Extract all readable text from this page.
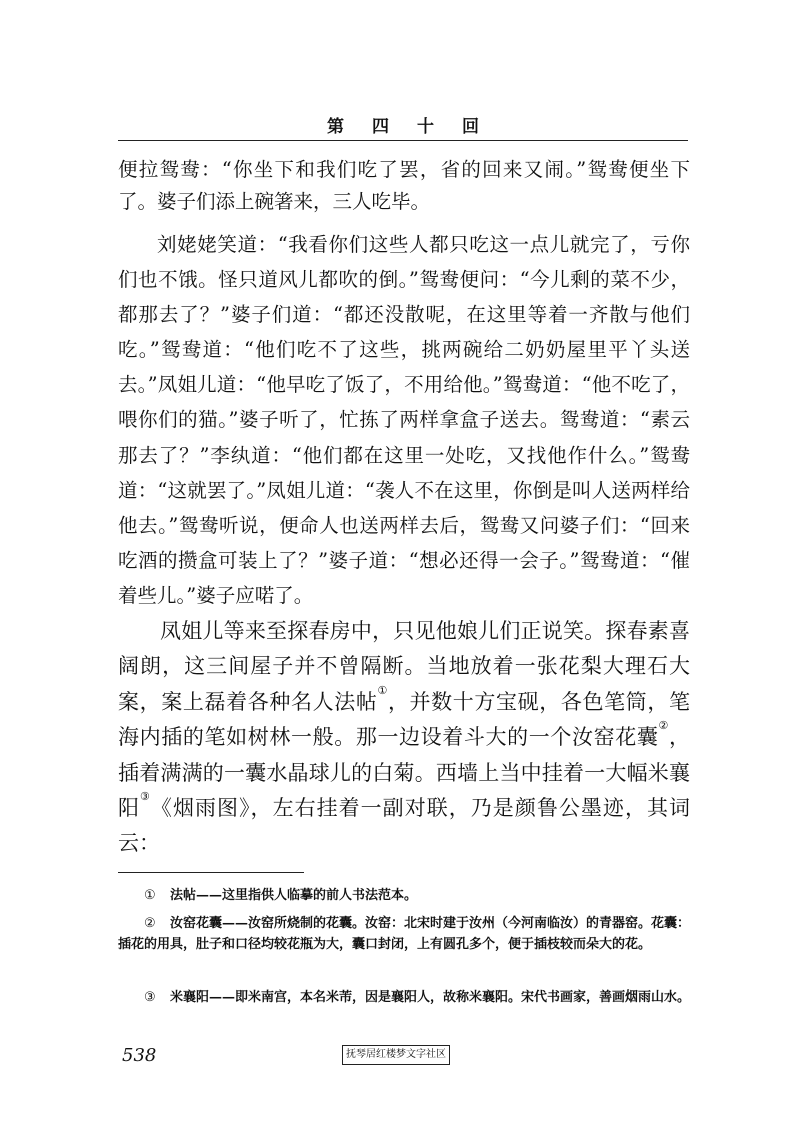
第四十回

便拉鸳鸯：“你坐下和我们吃了罢，省的回来又闹。”鸳鸯便坐下了。婆子们添上碗箸来，三人吃毕。

刘姥姥笑道：“我看你们这些人都只吃这一点儿就完了，亏你们也不饿。怪只道风儿都吹的倒。”鸳鸯便问：“今儿剩的菜不少，都那去了？”婆子们道：“都还没散呢，在这里等着一齐散与他们吃。”鸳鸯道：“他们吃不了这些，挑两碗给二奶奶屋里平丫头送去。”凤姐儿道：“他早吃了饭了，不用给他。”鸳鸯道：“他不吃了，喂你们的猫。”婆子听了，忙拣了两样拿盒子送去。鸳鸯道：“素云那去了？”李纨道：“他们都在这里一处吃，又找他作什么。”鸳鸯道：“这就罢了。”凤姐儿道：“袭人不在这里，你倒是叫人送两样给他去。”鸳鸯听说，便命人也送两样去后，鸳鸯又问婆子们：“回来吃酒的攒盒可装上了？”婆子道：“想必还得一会子。”鸳鸯道：“催着些儿。”婆子应喏了。

凤姐儿等来至探春房中，只见他娘儿们正说笑。探春素喜阔朗，这三间屋子并不曾隔断。当地放着一张花梨大理石大案，案上磊着各种名人法帖①，并数十方宝砚，各色笔筒，笔海内插的笔如树林一般。那一边设着斗大的一个汝窑花囊②，插着满满的一囊水晶球儿的白菊。西墙上当中挂着一大幅米襄阳③《烟雨图》，左右挂着一副对联，乃是颜鲁公墨迹，其词云：

① 法帖——这里指供人临摹的前人书法范本。

② 汝窑花囊——汝窑所烧制的花囊。汝窑：北宋时建于汝州（今河南临汝）的青器窑。花囊：插花的用具，肚子和口径均较花瓶为大，囊口封闭，上有圆孔多个，便于插枝较而朵大的花。

③ 米襄阳——即米南宫，本名米芾，因是襄阳人，故称米襄阳。宋代书画家，善画烟雨山水。

538	抚琴居红楼梦文字社区
